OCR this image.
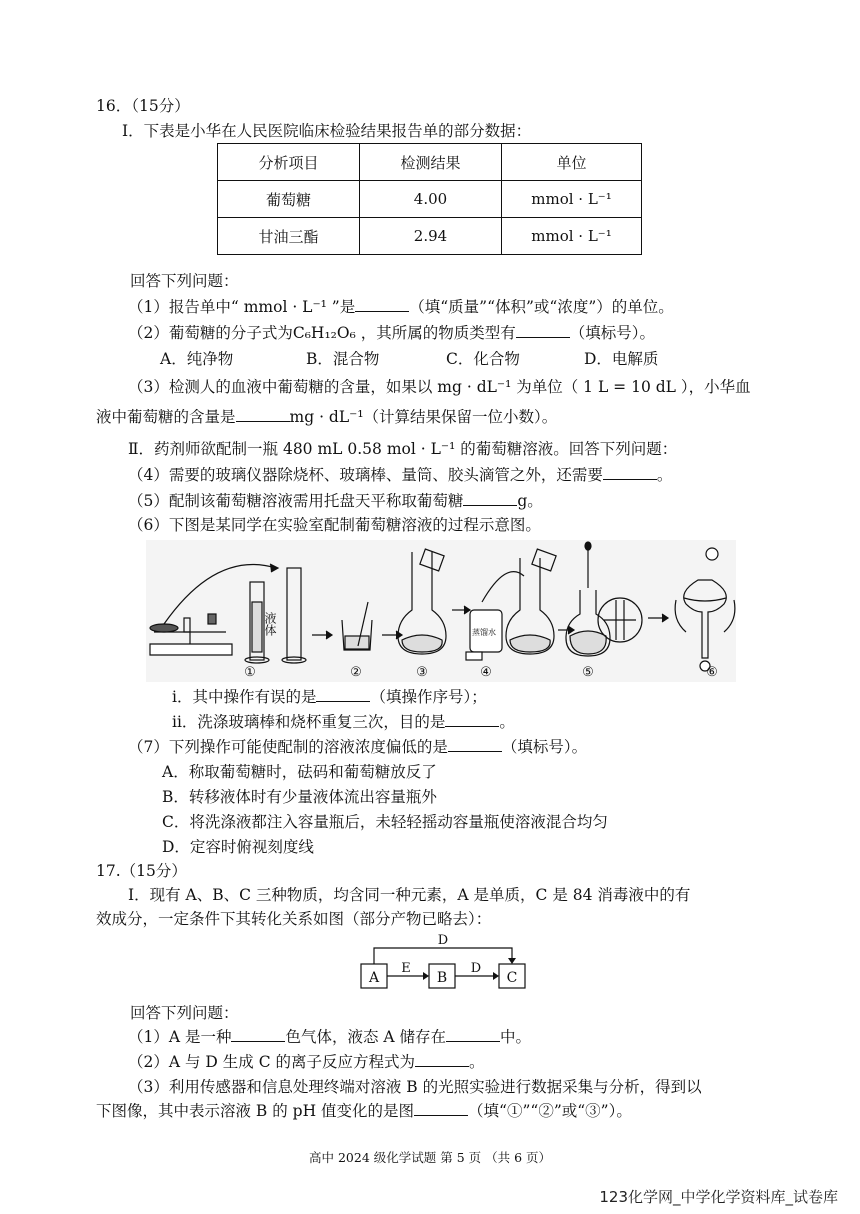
16．（15分）
Ⅰ．下表是小华在人民医院临床检验结果报告单的部分数据：
分析项目	检测结果	单位
葡萄糖	4.00	mmol · L⁻¹
甘油三酯	2.94	mmol · L⁻¹
回答下列问题：
（1）报告单中“ mmol · L⁻¹ ”是	（填“质量”“体积”或“浓度”）的单位。
（2）葡萄糖的分子式为C₆H₁₂O₆ ，其所属的物质类型有	（填标号）。
A．纯净物	B．混合物	C．化合物	D．电解质
（3）检测人的血液中葡萄糖的含量，如果以 mg · dL⁻¹ 为单位（ 1 L = 10 dL ），小华血
液中葡萄糖的含量是	mg · dL⁻¹（计算结果保留一位小数）。
Ⅱ．药剂师欲配制一瓶 480 mL 0.58 mol · L⁻¹ 的葡萄糖溶液。回答下列问题：
（4）需要的玻璃仪器除烧杯、玻璃棒、量筒、胶头滴管之外，还需要	。
（5）配制该葡萄糖溶液需用托盘天平称取葡萄糖	g。
（6）下图是某同学在实验室配制葡萄糖溶液的过程示意图。
液体	蒸馏水
①	②	③	④	⑤	⑥
ⅰ．其中操作有误的是	（填操作序号）；
ⅱ．洗涤玻璃棒和烧杯重复三次，目的是	。
（7）下列操作可能使配制的溶液浓度偏低的是	（填标号）。
A．称取葡萄糖时，砝码和葡萄糖放反了
B．转移液体时有少量液体流出容量瓶外
C．将洗涤液都注入容量瓶后，未轻轻摇动容量瓶使溶液混合均匀
D．定容时俯视刻度线
17.（15分）
Ⅰ．现有 A、B、C 三种物质，均含同一种元素，A 是单质，C 是 84 消毒液中的有
效成分，一定条件下其转化关系如图（部分产物已略去）：
A	B	C
E	D
D
回答下列问题：
（1）A 是一种	色气体，液态 A 储存在	中。
（2）A 与 D 生成 C 的离子反应方程式为	。
（3）利用传感器和信息处理终端对溶液 B 的光照实验进行数据采集与分析，得到以
下图像，其中表示溶液 B 的 pH 值变化的是图	（填“①”“②”或“③”）。
高中 2024 级化学试题 第 5 页 （共 6 页）
123化学网_中学化学资料库_试卷库
